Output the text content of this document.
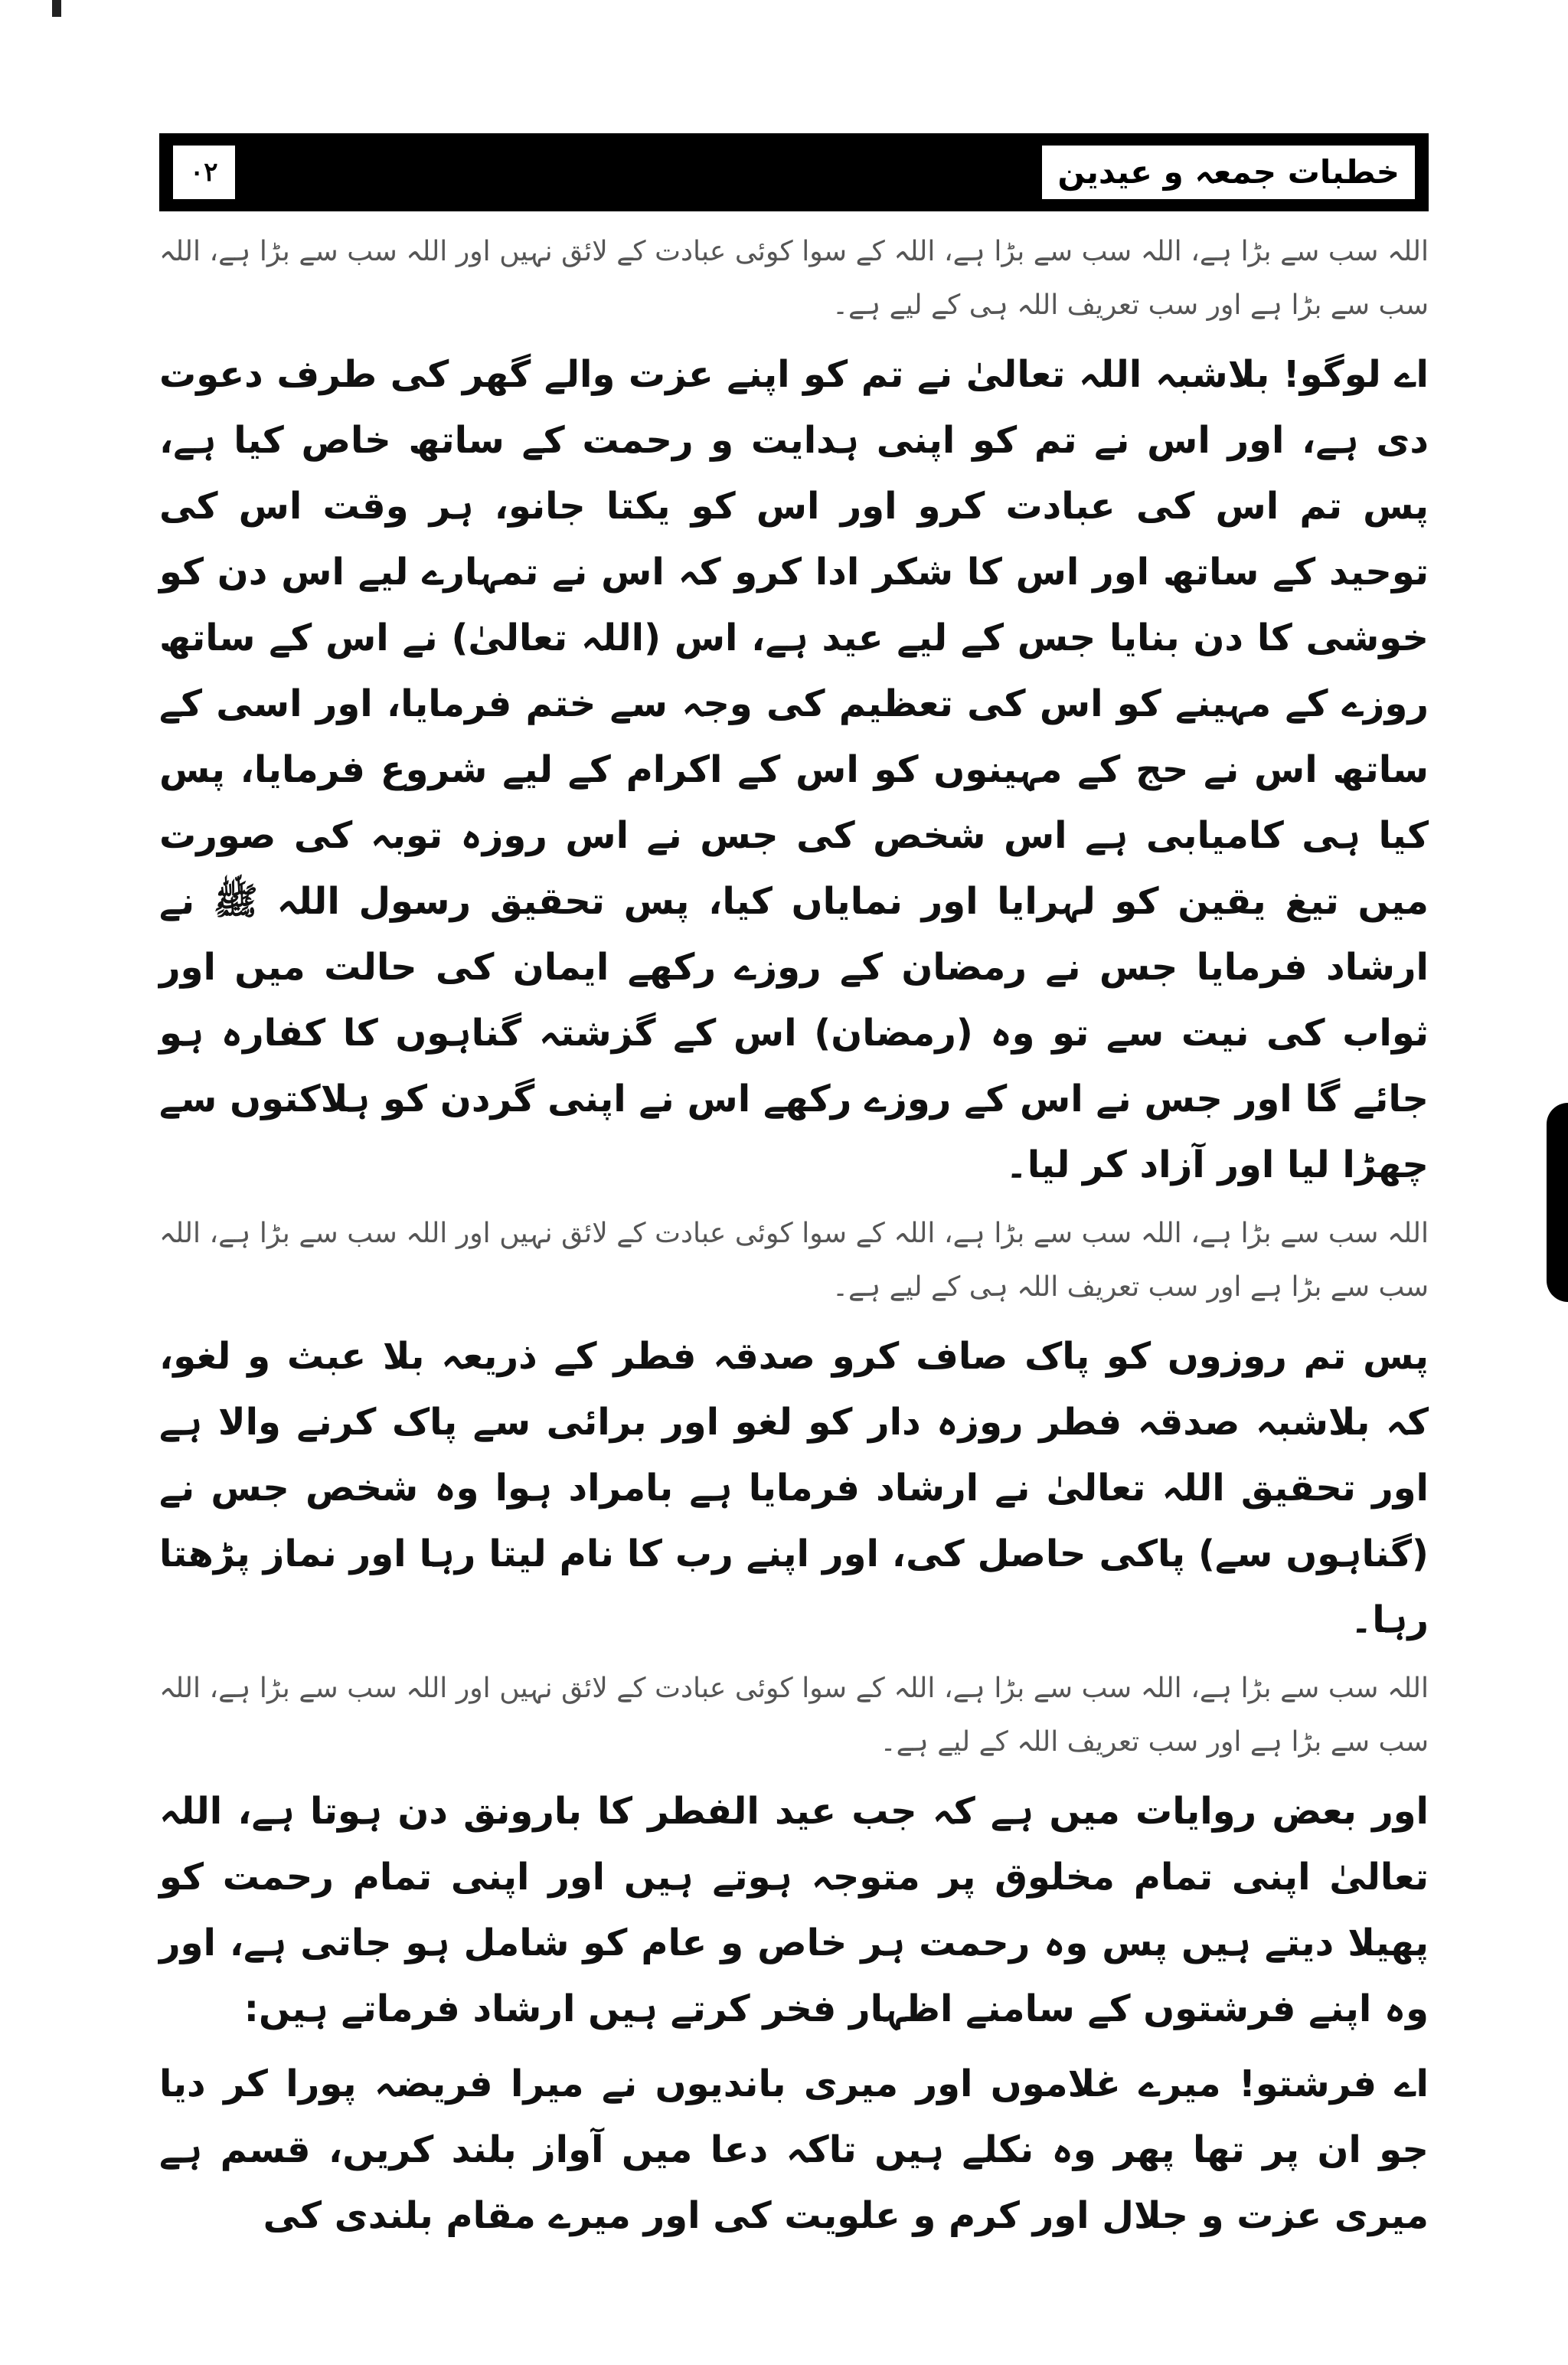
۰۲	خطبات جمعہ و عیدین

اللہ سب سے بڑا ہے، اللہ سب سے بڑا ہے، اللہ کے سوا کوئی عبادت کے لائق نہیں اور اللہ سب سے بڑا ہے، اللہ سب سے بڑا ہے اور سب تعریف اللہ ہی کے لیے ہے۔

اے لوگو! بلاشبہ اللہ تعالیٰ نے تم کو اپنے عزت والے گھر کی طرف دعوت دی ہے، اور اس نے تم کو اپنی ہدایت و رحمت کے ساتھ خاص کیا ہے، پس تم اس کی عبادت کرو اور اس کو یکتا جانو، ہر وقت اس کی توحید کے ساتھ اور اس کا شکر ادا کرو کہ اس نے تمہارے لیے اس دن کو خوشی کا دن بنایا جس کے لیے عید ہے، اس (اللہ تعالیٰ) نے اس کے ساتھ روزے کے مہینے کو اس کی تعظیم کی وجہ سے ختم فرمایا، اور اسی کے ساتھ اس نے حج کے مہینوں کو اس کے اکرام کے لیے شروع فرمایا، پس کیا ہی کامیابی ہے اس شخص کی جس نے اس روزہ توبہ کی صورت میں تیغ یقین کو لہرایا اور نمایاں کیا، پس تحقیق رسول اللہ ﷺ نے ارشاد فرمایا جس نے رمضان کے روزے رکھے ایمان کی حالت میں اور ثواب کی نیت سے تو وہ (رمضان) اس کے گزشتہ گناہوں کا کفارہ ہو جائے گا اور جس نے اس کے روزے رکھے اس نے اپنی گردن کو ہلاکتوں سے چھڑا لیا اور آزاد کر لیا۔

اللہ سب سے بڑا ہے، اللہ سب سے بڑا ہے، اللہ کے سوا کوئی عبادت کے لائق نہیں اور اللہ سب سے بڑا ہے، اللہ سب سے بڑا ہے اور سب تعریف اللہ ہی کے لیے ہے۔

پس تم روزوں کو پاک صاف کرو صدقہ فطر کے ذریعہ بلا عبث و لغو، کہ بلاشبہ صدقہ فطر روزہ دار کو لغو اور برائی سے پاک کرنے والا ہے اور تحقیق اللہ تعالیٰ نے ارشاد فرمایا ہے بامراد ہوا وہ شخص جس نے (گناہوں سے) پاکی حاصل کی، اور اپنے رب کا نام لیتا رہا اور نماز پڑھتا رہا۔

اللہ سب سے بڑا ہے، اللہ سب سے بڑا ہے، اللہ کے سوا کوئی عبادت کے لائق نہیں اور اللہ سب سے بڑا ہے، اللہ سب سے بڑا ہے اور سب تعریف اللہ کے لیے ہے۔

اور بعض روایات میں ہے کہ جب عید الفطر کا بارونق دن ہوتا ہے، اللہ تعالیٰ اپنی تمام مخلوق پر متوجہ ہوتے ہیں اور اپنی تمام رحمت کو پھیلا دیتے ہیں پس وہ رحمت ہر خاص و عام کو شامل ہو جاتی ہے، اور وہ اپنے فرشتوں کے سامنے اظہار فخر کرتے ہیں ارشاد فرماتے ہیں:

اے فرشتو! میرے غلاموں اور میری باندیوں نے میرا فریضہ پورا کر دیا جو ان پر تھا پھر وہ نکلے ہیں تاکہ دعا میں آواز بلند کریں، قسم ہے میری عزت و جلال اور کرم و علویت کی اور میرے مقام بلندی کی
